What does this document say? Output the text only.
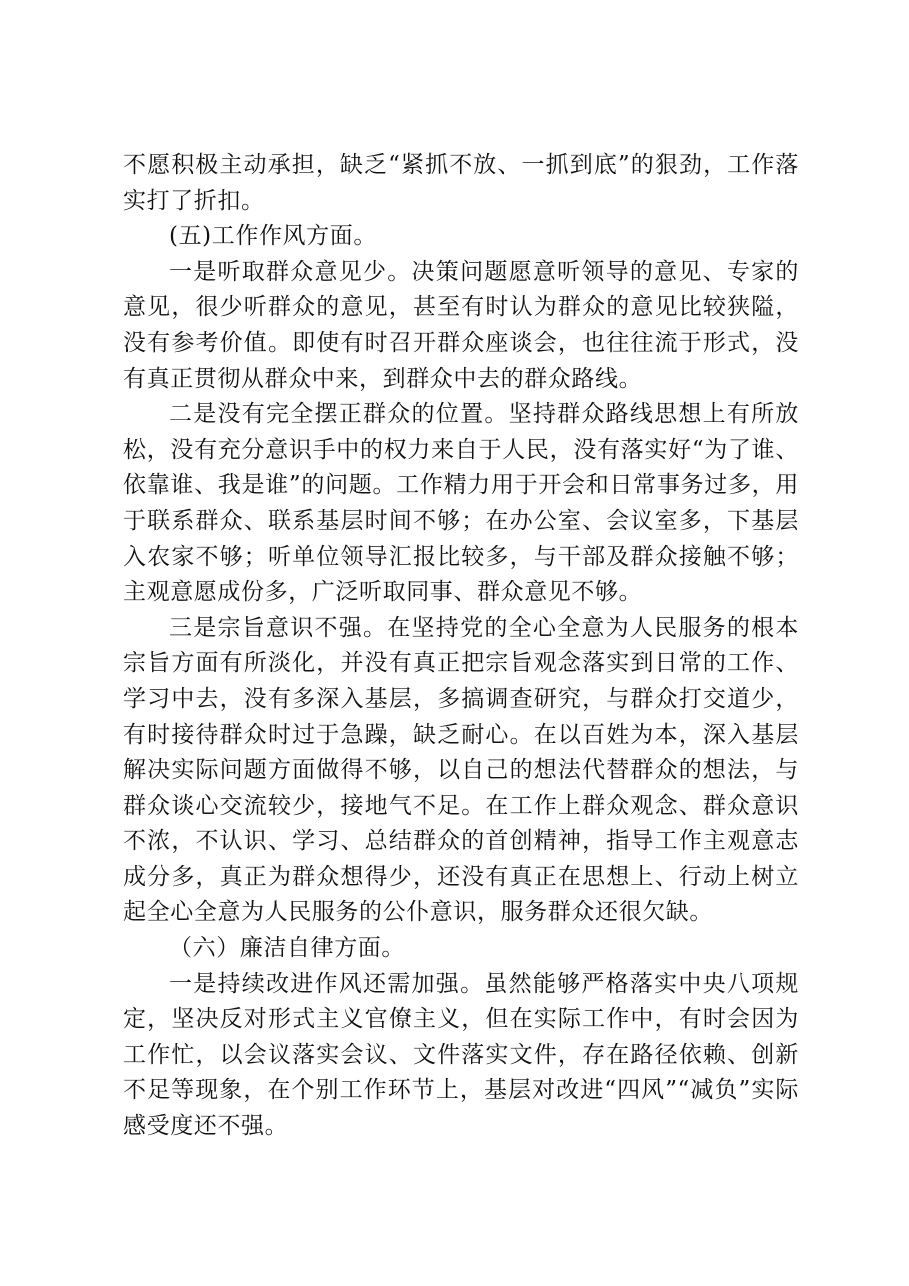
不愿积极主动承担，缺乏“紧抓不放、一抓到底”的狠劲，工作落实打了折扣。

(五)工作作风方面。

一是听取群众意见少。决策问题愿意听领导的意见、专家的意见，很少听群众的意见，甚至有时认为群众的意见比较狭隘，没有参考价值。即使有时召开群众座谈会，也往往流于形式，没有真正贯彻从群众中来，到群众中去的群众路线。

二是没有完全摆正群众的位置。坚持群众路线思想上有所放松，没有充分意识手中的权力来自于人民，没有落实好“为了谁、依靠谁、我是谁”的问题。工作精力用于开会和日常事务过多，用于联系群众、联系基层时间不够；在办公室、会议室多，下基层入农家不够；听单位领导汇报比较多，与干部及群众接触不够；主观意愿成份多，广泛听取同事、群众意见不够。

三是宗旨意识不强。在坚持党的全心全意为人民服务的根本宗旨方面有所淡化，并没有真正把宗旨观念落实到日常的工作、学习中去，没有多深入基层，多搞调查研究，与群众打交道少，有时接待群众时过于急躁，缺乏耐心。在以百姓为本，深入基层解决实际问题方面做得不够，以自己的想法代替群众的想法，与群众谈心交流较少，接地气不足。在工作上群众观念、群众意识不浓，不认识、学习、总结群众的首创精神，指导工作主观意志成分多，真正为群众想得少，还没有真正在思想上、行动上树立起全心全意为人民服务的公仆意识，服务群众还很欠缺。

（六）廉洁自律方面。

一是持续改进作风还需加强。虽然能够严格落实中央八项规定，坚决反对形式主义官僚主义，但在实际工作中，有时会因为工作忙，以会议落实会议、文件落实文件，存在路径依赖、创新不足等现象，在个别工作环节上，基层对改进“四风”“减负”实际感受度还不强。
